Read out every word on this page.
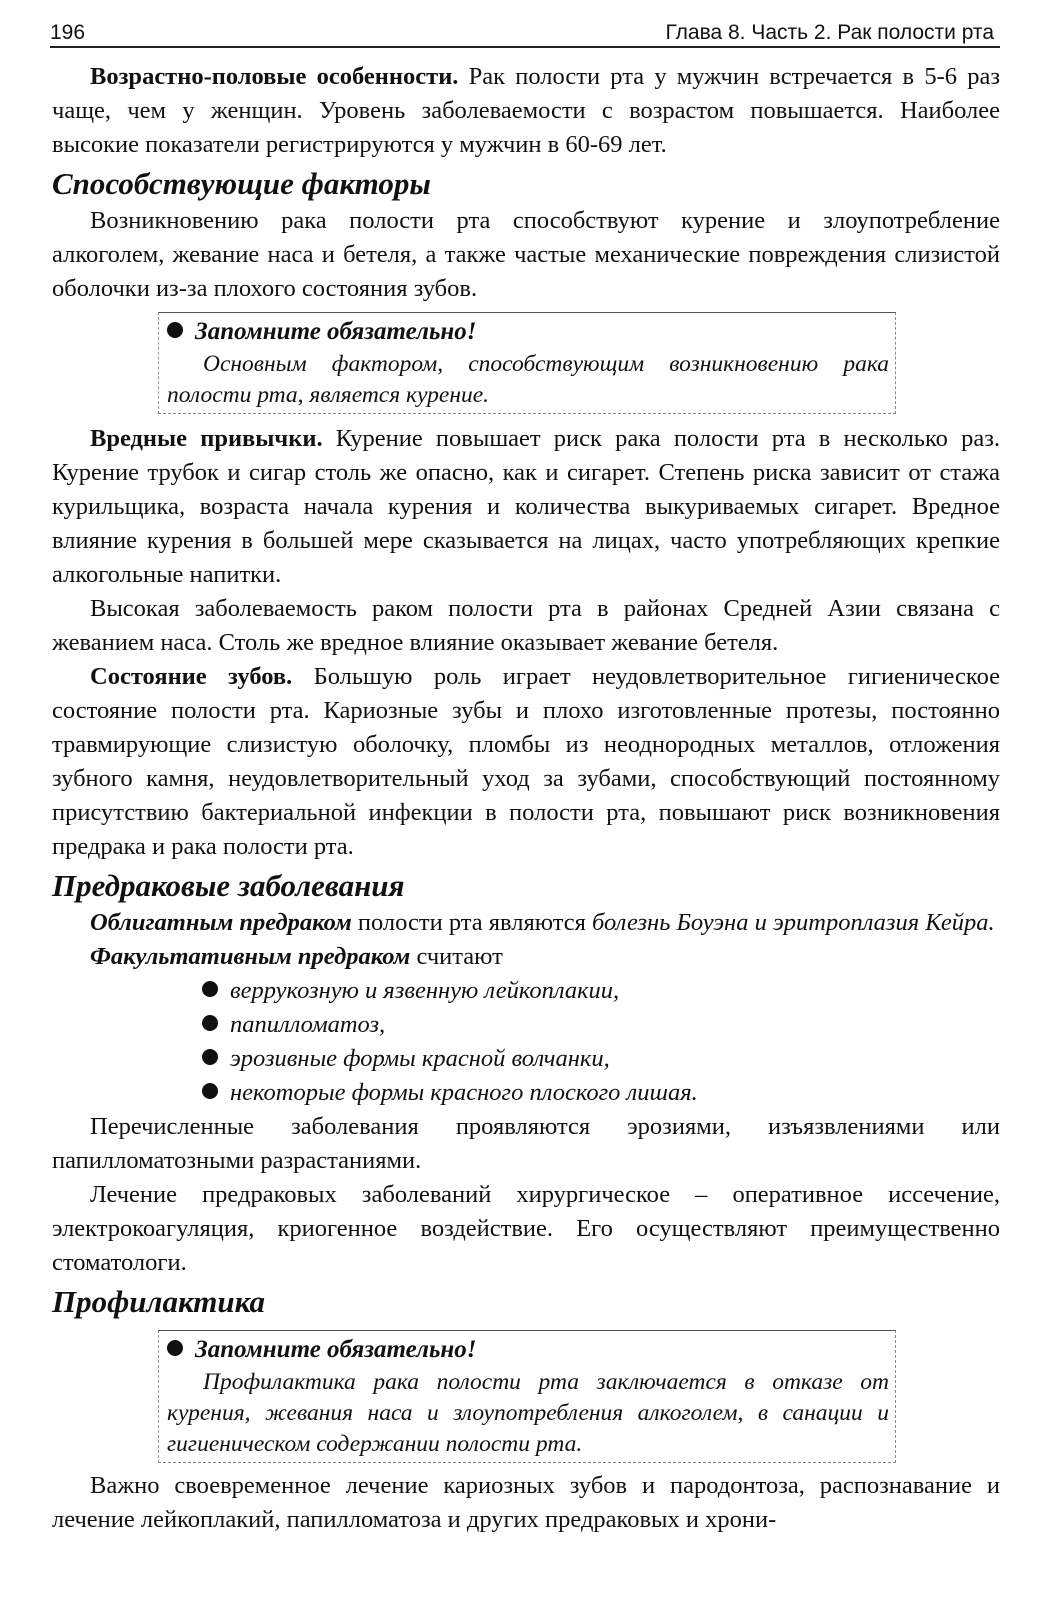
196	Глава 8. Часть 2. Рак полости рта

Возрастно-половые особенности. Рак полости рта у мужчин встречается в 5-6 раз чаще, чем у женщин. Уровень заболеваемости с возрастом повышается. Наиболее высокие показатели регистрируются у мужчин в 60-69 лет.

Способствующие факторы

Возникновению рака полости рта способствуют курение и злоупотребление алкоголем, жевание наса и бетеля, а также частые механические повреждения слизистой оболочки из-за плохого состояния зубов.

Запомните обязательно!

Основным фактором, способствующим возникновению рака полости рта, является курение.

Вредные привычки. Курение повышает риск рака полости рта в несколько раз. Курение трубок и сигар столь же опасно, как и сигарет. Степень риска зависит от стажа курильщика, возраста начала курения и количества выкуриваемых сигарет. Вредное влияние курения в большей мере сказывается на лицах, часто употребляющих крепкие алкогольные напитки.

Высокая заболеваемость раком полости рта в районах Средней Азии связана с жеванием наса. Столь же вредное влияние оказывает жевание бетеля.

Состояние зубов. Большую роль играет неудовлетворительное гигиеническое состояние полости рта. Кариозные зубы и плохо изготовленные протезы, постоянно травмирующие слизистую оболочку, пломбы из неоднородных металлов, отложения зубного камня, неудовлетворительный уход за зубами, способствующий постоянному присутствию бактериальной инфекции в полости рта, повышают риск возникновения предрака и рака полости рта.

Предраковые заболевания

Облигатным предраком полости рта являются болезнь Боуэна и эритроплазия Кейра.

Факультативным предраком считают

веррукозную и язвенную лейкоплакии,
папилломатоз,
эрозивные формы красной волчанки,
некоторые формы красного плоского лишая.

Перечисленные заболевания проявляются эрозиями, изъязвлениями или папилломатозными разрастаниями.

Лечение предраковых заболеваний хирургическое – оперативное иссечение, электрокоагуляция, криогенное воздействие. Его осуществляют преимущественно стоматологи.

Профилактика
Запомните обязательно!

Профилактика рака полости рта заключается в отказе от курения, жевания наса и злоупотребления алкоголем, в санации и гигиеническом содержании полости рта.

Важно своевременное лечение кариозных зубов и пародонтоза, распознавание и лечение лейкоплакий, папилломатоза и других предраковых и хрони-
